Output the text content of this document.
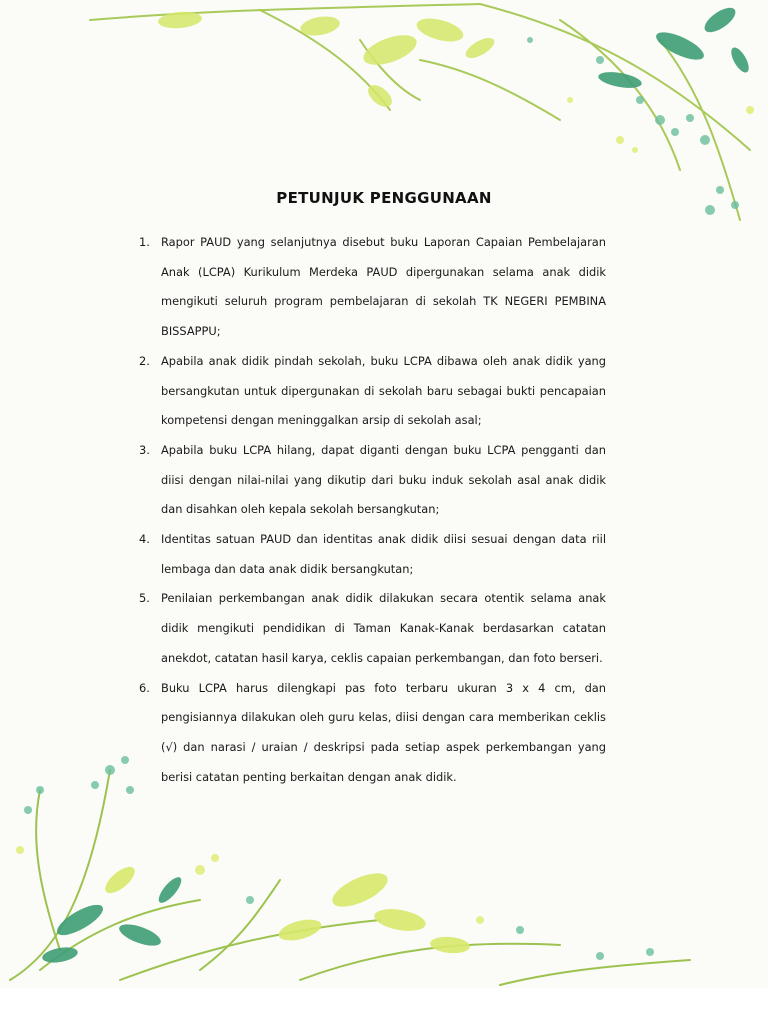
PETUNJUK PENGGUNAAN
1. Rapor PAUD yang selanjutnya disebut buku Laporan Capaian Pembelajaran Anak (LCPA) Kurikulum Merdeka PAUD dipergunakan selama anak didik mengikuti seluruh program pembelajaran di sekolah TK NEGERI PEMBINA BISSAPPU;
2. Apabila anak didik pindah sekolah, buku LCPA dibawa oleh anak didik yang bersangkutan untuk dipergunakan di sekolah baru sebagai bukti pencapaian kompetensi dengan meninggalkan arsip di sekolah asal;
3. Apabila buku LCPA hilang, dapat diganti dengan buku LCPA pengganti dan diisi dengan nilai-nilai yang dikutip dari buku induk sekolah asal anak didik dan disahkan oleh kepala sekolah bersangkutan;
4. Identitas satuan PAUD dan identitas anak didik diisi sesuai dengan data riil lembaga dan data anak didik bersangkutan;
5. Penilaian perkembangan anak didik dilakukan secara otentik selama anak didik mengikuti pendidikan di Taman Kanak-Kanak berdasarkan catatan anekdot, catatan hasil karya, ceklis capaian perkembangan, dan foto berseri.
6. Buku LCPA harus dilengkapi pas foto terbaru ukuran 3 x 4 cm, dan pengisiannya dilakukan oleh guru kelas, diisi dengan cara memberikan ceklis (√) dan narasi / uraian / deskripsi pada setiap aspek perkembangan yang berisi catatan penting berkaitan dengan anak didik.
